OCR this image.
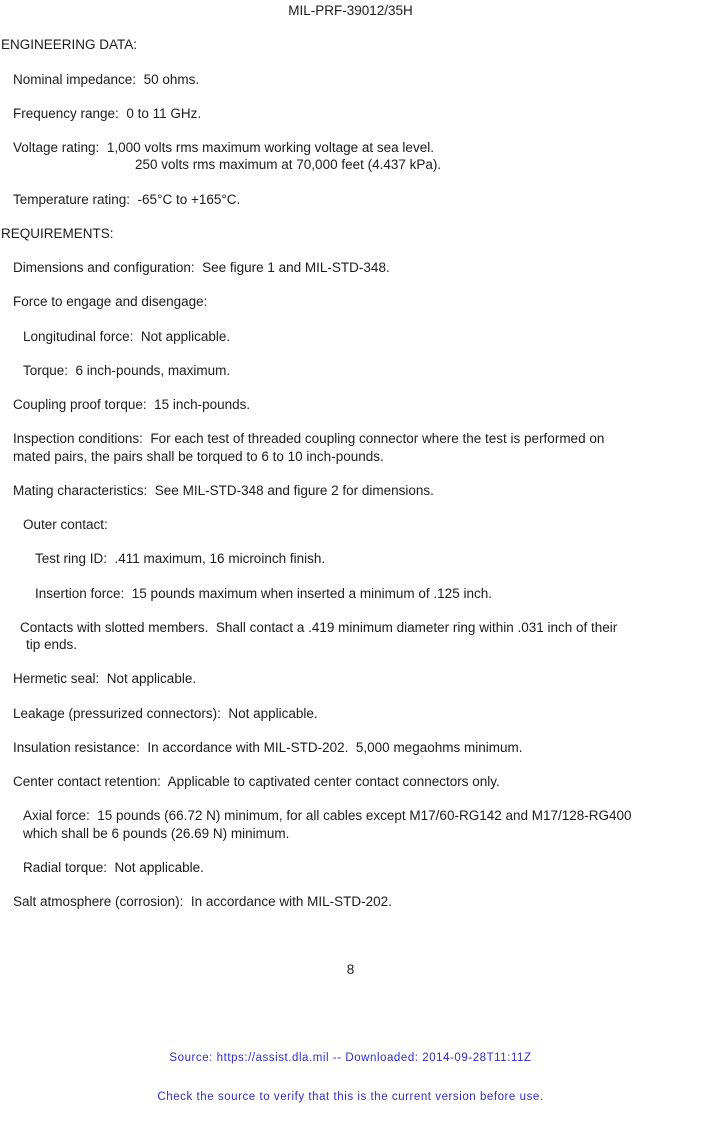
MIL-PRF-39012/35H
ENGINEERING DATA:
Nominal impedance:  50 ohms.
Frequency range:  0 to 11 GHz.
Voltage rating:  1,000 volts rms maximum working voltage at sea level.
250 volts rms maximum at 70,000 feet (4.437 kPa).
Temperature rating:  -65°C to +165°C.
REQUIREMENTS:
Dimensions and configuration:  See figure 1 and MIL-STD-348.
Force to engage and disengage:
Longitudinal force:  Not applicable.
Torque:  6 inch-pounds, maximum.
Coupling proof torque:  15 inch-pounds.
Inspection conditions:  For each test of threaded coupling connector where the test is performed on
mated pairs, the pairs shall be torqued to 6 to 10 inch-pounds.
Mating characteristics:  See MIL-STD-348 and figure 2 for dimensions.
Outer contact:
Test ring ID:  .411 maximum, 16 microinch finish.
Insertion force:  15 pounds maximum when inserted a minimum of .125 inch.
Contacts with slotted members.  Shall contact a .419 minimum diameter ring within .031 inch of their
tip ends.
Hermetic seal:  Not applicable.
Leakage (pressurized connectors):  Not applicable.
Insulation resistance:  In accordance with MIL-STD-202.  5,000 megaohms minimum.
Center contact retention:  Applicable to captivated center contact connectors only.
Axial force:  15 pounds (66.72 N) minimum, for all cables except M17/60-RG142 and M17/128-RG400
which shall be 6 pounds (26.69 N) minimum.
Radial torque:  Not applicable.
Salt atmosphere (corrosion):  In accordance with MIL-STD-202.
8

Source: https://assist.dla.mil -- Downloaded: 2014-09-28T11:11Z

Check the source to verify that this is the current version before use.
